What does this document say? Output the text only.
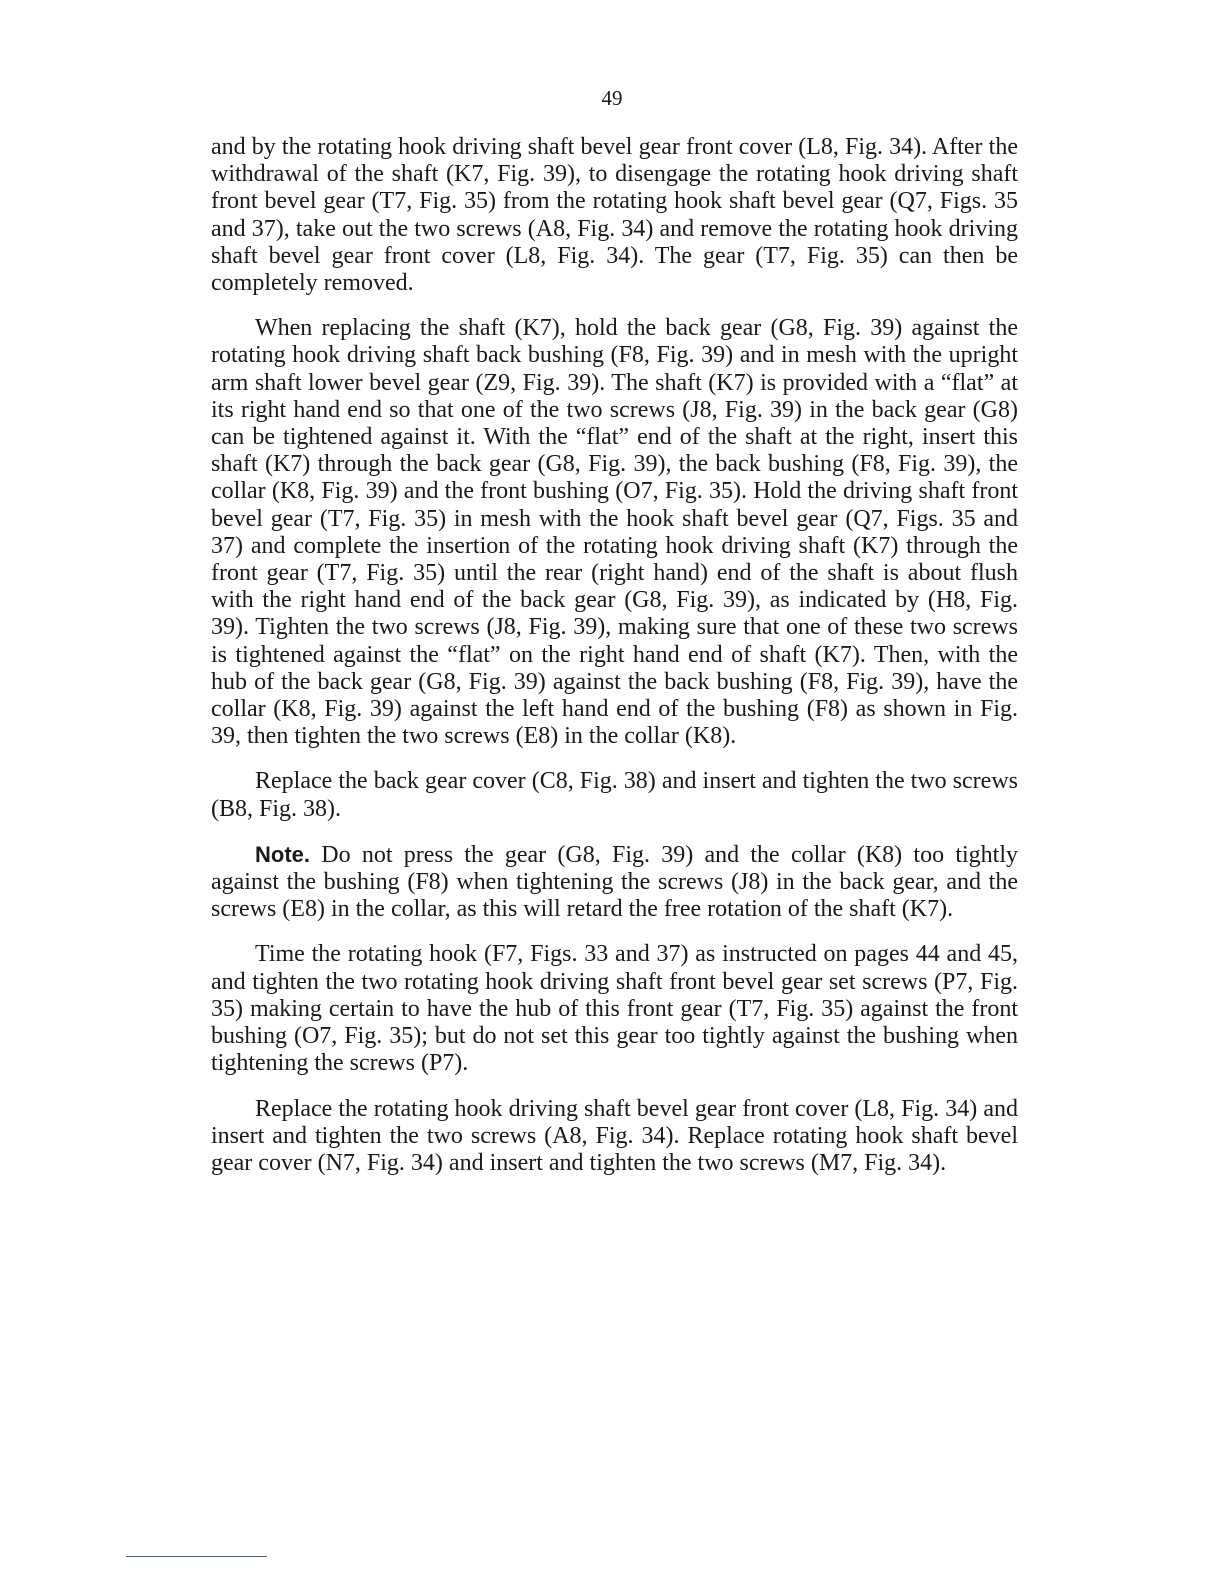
49

and by the rotating hook driving shaft bevel gear front cover (L8, Fig. 34). After the withdrawal of the shaft (K7, Fig. 39), to disengage the rotating hook driving shaft front bevel gear (T7, Fig. 35) from the rotating hook shaft bevel gear (Q7, Figs. 35 and 37), take out the two screws (A8, Fig. 34) and remove the rotating hook driving shaft bevel gear front cover (L8, Fig. 34). The gear (T7, Fig. 35) can then be completely removed.

When replacing the shaft (K7), hold the back gear (G8, Fig. 39) against the rotating hook driving shaft back bushing (F8, Fig. 39) and in mesh with the upright arm shaft lower bevel gear (Z9, Fig. 39). The shaft (K7) is provided with a “flat” at its right hand end so that one of the two screws (J8, Fig. 39) in the back gear (G8) can be tightened against it. With the “flat” end of the shaft at the right, insert this shaft (K7) through the back gear (G8, Fig. 39), the back bushing (F8, Fig. 39), the collar (K8, Fig. 39) and the front bushing (O7, Fig. 35). Hold the driving shaft front bevel gear (T7, Fig. 35) in mesh with the hook shaft bevel gear (Q7, Figs. 35 and 37) and complete the insertion of the rotating hook driving shaft (K7) through the front gear (T7, Fig. 35) until the rear (right hand) end of the shaft is about flush with the right hand end of the back gear (G8, Fig. 39), as indicated by (H8, Fig. 39). Tighten the two screws (J8, Fig. 39), making sure that one of these two screws is tightened against the “flat” on the right hand end of shaft (K7). Then, with the hub of the back gear (G8, Fig. 39) against the back bushing (F8, Fig. 39), have the collar (K8, Fig. 39) against the left hand end of the bushing (F8) as shown in Fig. 39, then tighten the two screws (E8) in the collar (K8).

Replace the back gear cover (C8, Fig. 38) and insert and tighten the two screws (B8, Fig. 38).

Note. Do not press the gear (G8, Fig. 39) and the collar (K8) too tightly against the bushing (F8) when tightening the screws (J8) in the back gear, and the screws (E8) in the collar, as this will retard the free rotation of the shaft (K7).

Time the rotating hook (F7, Figs. 33 and 37) as instructed on pages 44 and 45, and tighten the two rotating hook driving shaft front bevel gear set screws (P7, Fig. 35) making certain to have the hub of this front gear (T7, Fig. 35) against the front bushing (O7, Fig. 35); but do not set this gear too tightly against the bushing when tightening the screws (P7).

Replace the rotating hook driving shaft bevel gear front cover (L8, Fig. 34) and insert and tighten the two screws (A8, Fig. 34). Replace rotating hook shaft bevel gear cover (N7, Fig. 34) and insert and tighten the two screws (M7, Fig. 34).
